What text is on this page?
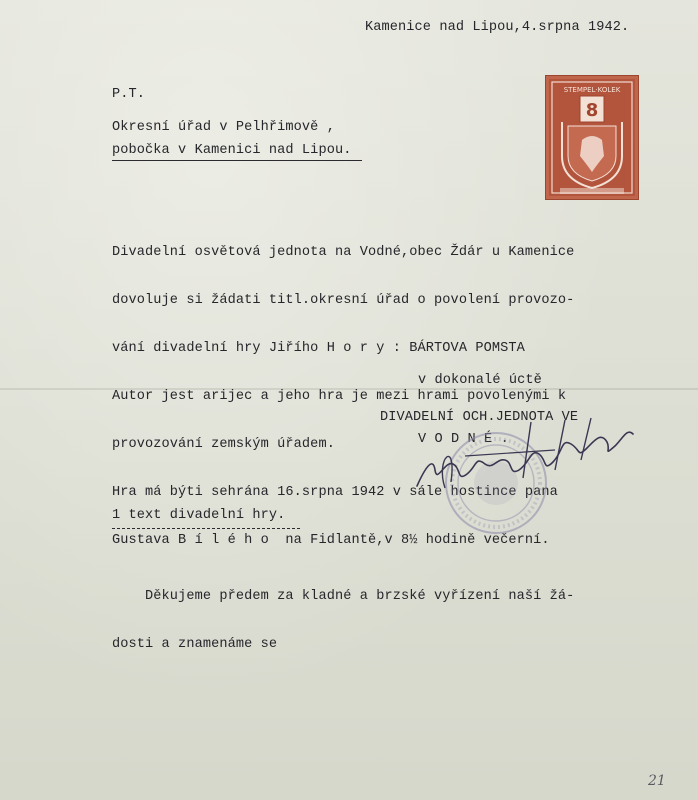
Kamenice nad Lipou,4.srpna 1942.
P.T.
Okresní úřad v Pelhřimově ,
pobočka v Kamenici nad Lipou.

Divadelní osvětová jednota na Vodné,obec Ždár u Kamenice

dovoluje si žádati titl.okresní úřad o povolení provozo-

vání divadelní hry Jiřího H o r y : BÁRTOVA POMSTA

Autor jest arijec a jeho hra je mezi hrami povolenými k

provozování zemským úřadem.

Hra má býti sehrána 16.srpna 1942 v sále hostince pana

Gustava B í l é h o  na Fidlantě,v 8½ hodině večerní.

Děkujeme předem za kladné a brzské vyřízení naší žá-

dosti a znamenáme se

v dokonalé úctě
DIVADELNÍ OCH.JEDNOTA VE
V O D N É .
1 text divadelní hry.
STEMPEL·KOLEK
8
21
